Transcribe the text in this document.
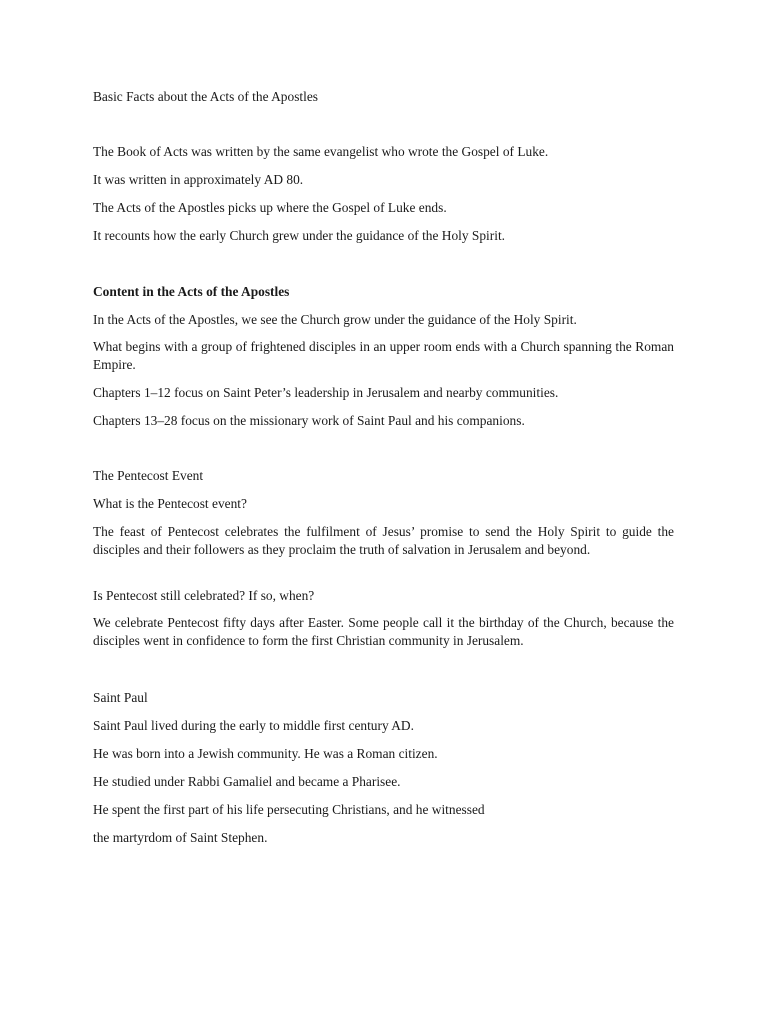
Basic Facts about the Acts of the Apostles
The Book of Acts was written by the same evangelist who wrote the Gospel of Luke.
It was written in approximately AD 80.
The Acts of the Apostles picks up where the Gospel of Luke ends.
It recounts how the early Church grew under the guidance of the Holy Spirit.
Content in the Acts of the Apostles
In the Acts of the Apostles, we see the Church grow under the guidance of the Holy Spirit.
What begins with a group of frightened disciples in an upper room ends with a Church spanning the Roman Empire.
Chapters 1–12 focus on Saint Peter’s leadership in Jerusalem and nearby communities.
Chapters 13–28 focus on the missionary work of Saint Paul and his companions.
The Pentecost Event
What is the Pentecost event?
The feast of Pentecost celebrates the fulfilment of Jesus’ promise to send the Holy Spirit to guide the disciples and their followers as they proclaim the truth of salvation in Jerusalem and beyond.
Is Pentecost still celebrated? If so, when?
We celebrate Pentecost fifty days after Easter. Some people call it the birthday of the Church, because the disciples went in confidence to form the first Christian community in Jerusalem.
Saint Paul
Saint Paul lived during the early to middle first century AD.
He was born into a Jewish community. He was a Roman citizen.
He studied under Rabbi Gamaliel and became a Pharisee.
He spent the first part of his life persecuting Christians, and he witnessed
the martyrdom of Saint Stephen.
